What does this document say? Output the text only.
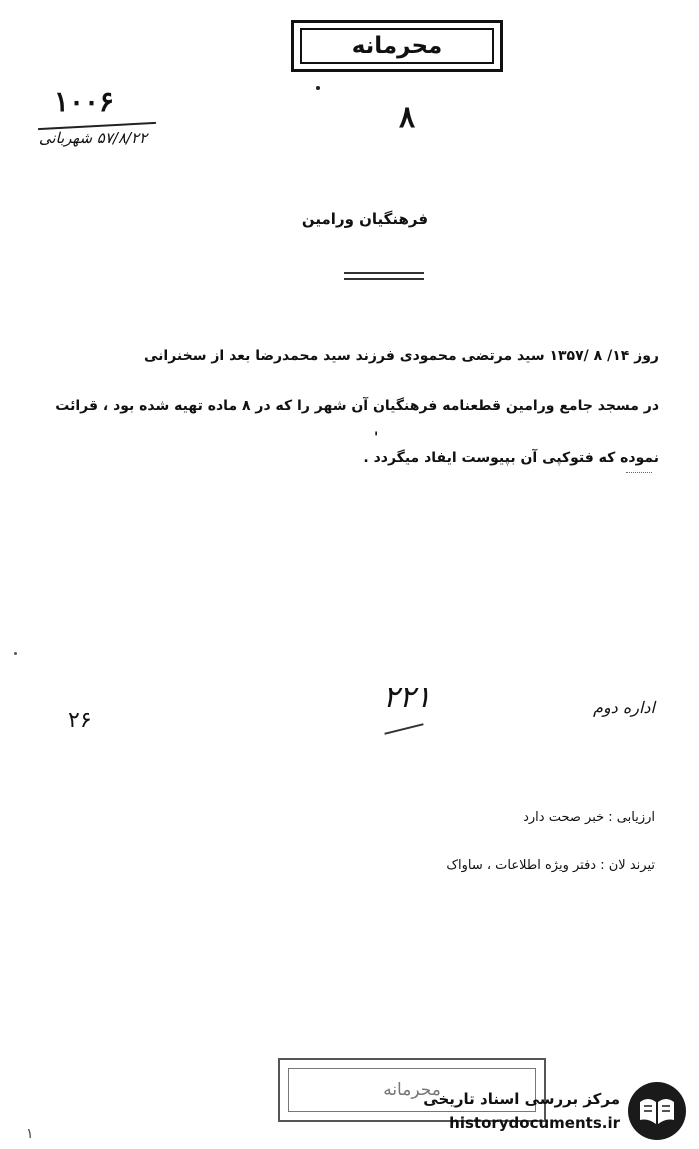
محرمانه
۱۰۰۶
۵۷/۸/۲۲ شهربانی
۸
فرهنگیان ورامین
روز ۱۴/ ۸ /۱۳۵۷ سید مرتضی محمودی فرزند سید محمدرضا بعد از سخنرانی
در مسجد جامع ورامین قطعنامه فرهنگیان آن شهر را که در ۸ ماده تهیه شده بود ، قرائت
'
نموده که فتوکپی آن بپیوست ایفاد میگردد .
۲۶
۲۲۱	اداره دوم
ارزیابی : خبر صحت دارد
تیرند لان : دفتر ویژه اطلاعات ، ساواک
محرمانه
مرکز بررسی اسناد تاریخی
historydocuments.ir
١
